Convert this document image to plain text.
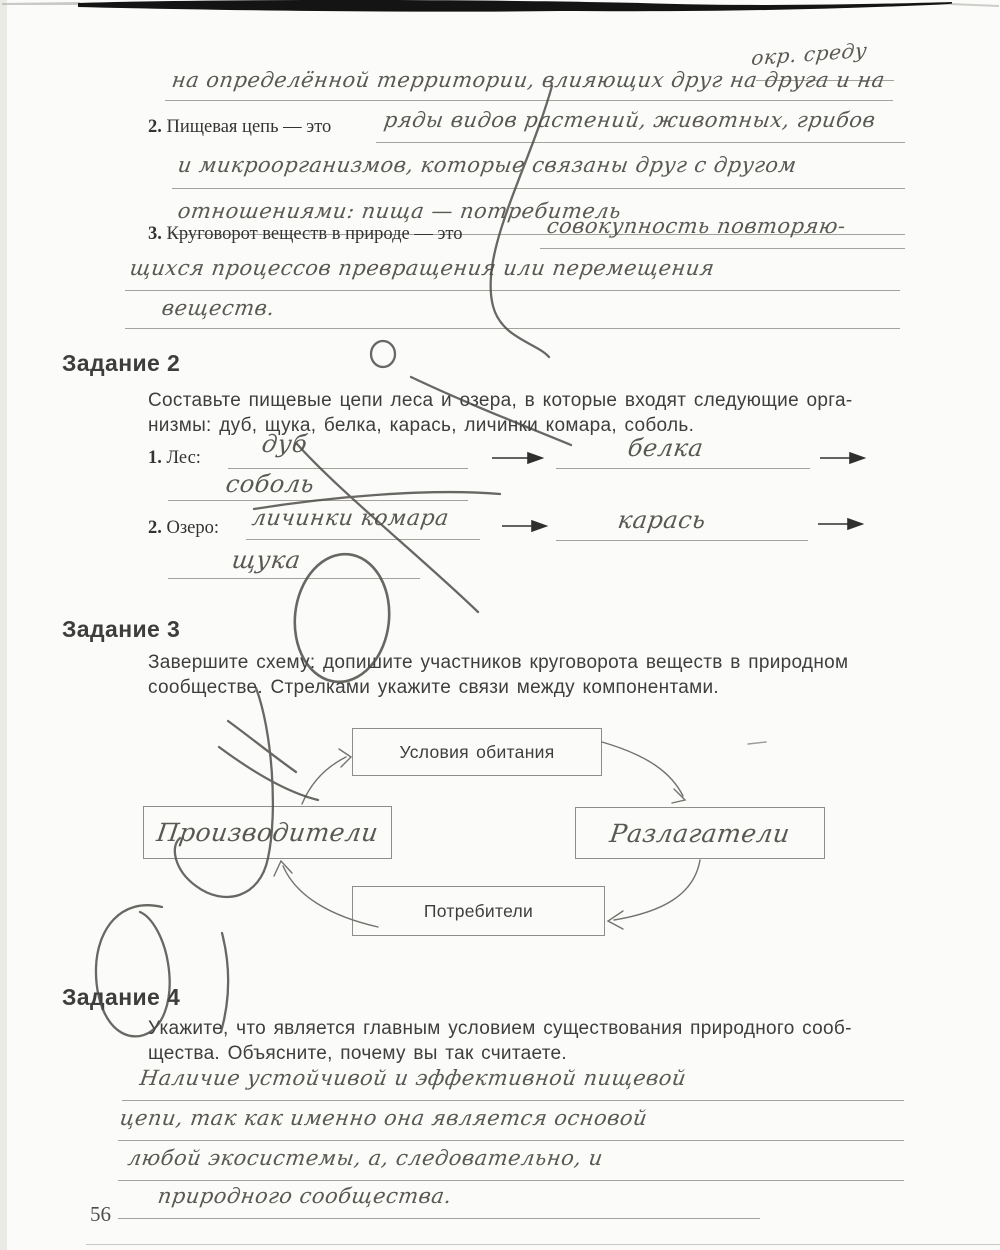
окр. среду
на определённой территории, влияющих друг на друга и на
2. Пищевая цепь — это ряды видов растений, животных, грибов
и микроорганизмов, которые связаны друг с другом
отношениями: пища — потребитель
3. Круговорот веществ в природе — это	совокупность повторяю-
щихся процессов превращения или перемещения
веществ.
Задание 2
Составьте пищевые цепи леса и озера, в которые входят следующие орга-
низмы: дуб, щука, белка, карась, личинки комара, соболь.
1. Лес: дуб	белка
соболь
2. Озеро: личинки комара	карась
щука
Задание 3
Завершите схему: допишите участников круговорота веществ в природном
сообществе. Стрелками укажите связи между компонентами.
Условия обитания
Производители	Разлагатели
Потребители
Задание 4
Укажите, что является главным условием существования природного сооб-
щества. Объясните, почему вы так считаете.
Наличие устойчивой и эффективной пищевой
цепи, так как именно она является основой
любой экосистемы, а, следовательно, и
природного сообщества.
56
